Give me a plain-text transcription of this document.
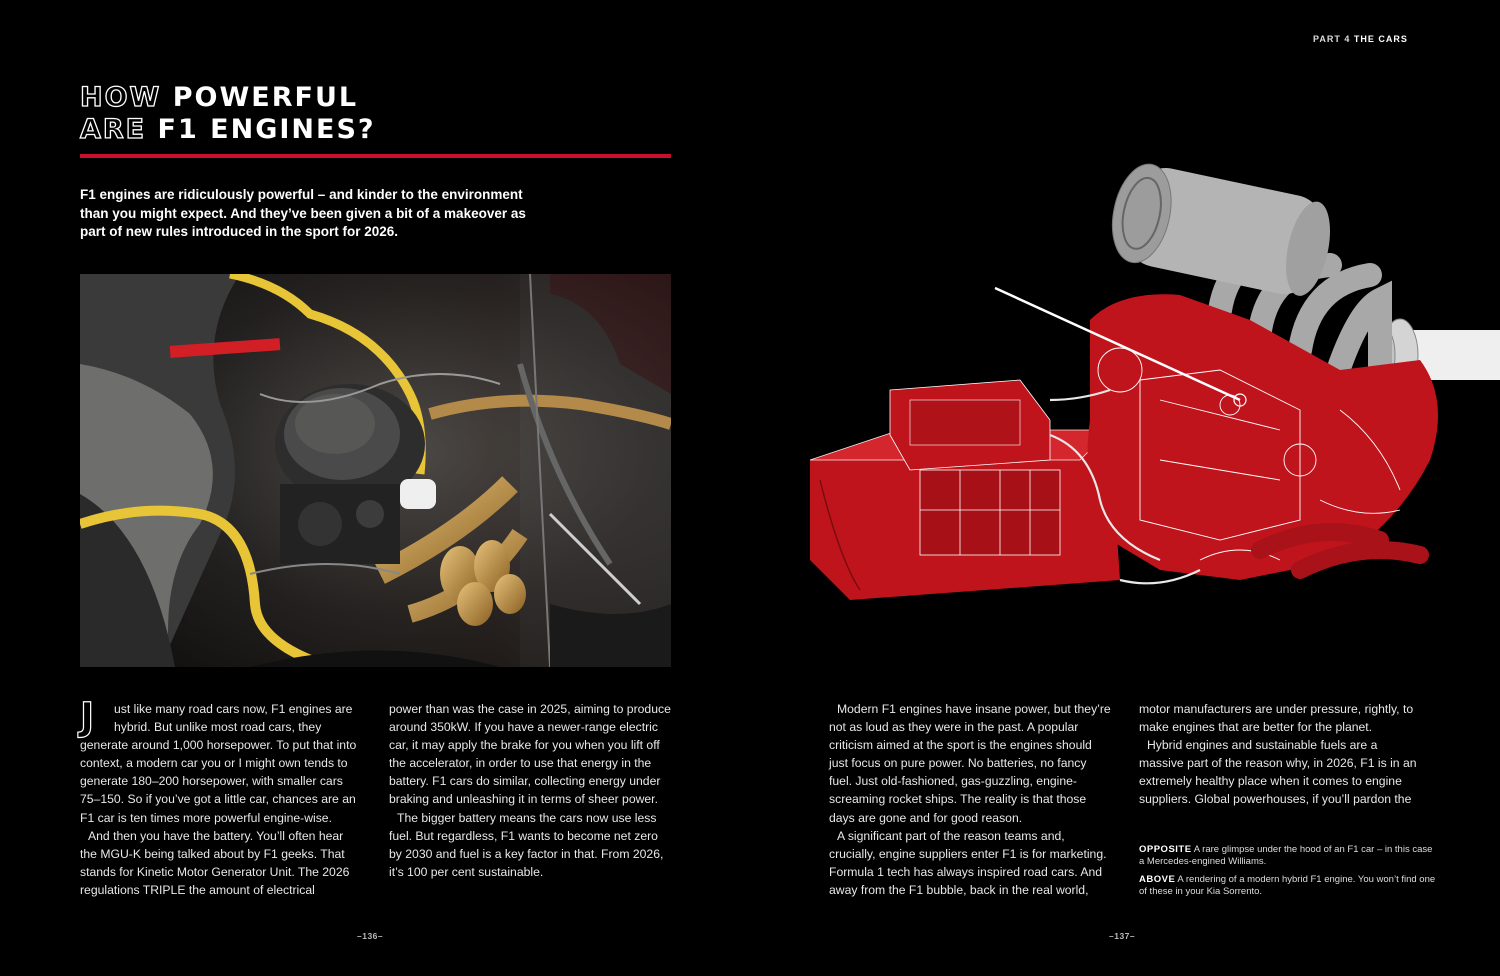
PART 4 THE CARS
HOW POWERFUL
ARE F1 ENGINES?
F1 engines are ridiculously powerful – and kinder to the environment than you might expect. And they’ve been given a bit of a makeover as part of new rules introduced in the sport for 2026.

J	ust like many road cars now, F1 engines are hybrid. But unlike most road cars, they generate around 1,000 horsepower. To put that into context, a modern car you or I might own tends to generate 180–200 horsepower, with smaller cars 75–150. So if you’ve got a little car, chances are an F1 car is ten times more powerful engine-wise.

And then you have the battery. You’ll often hear the MGU-K being talked about by F1 geeks. That stands for Kinetic Motor Generator Unit. The 2026 regulations TRIPLE the amount of electrical

power than was the case in 2025, aiming to produce around 350kW. If you have a newer-range electric car, it may apply the brake for you when you lift off the accelerator, in order to use that energy in the battery. F1 cars do similar, collecting energy under braking and unleashing it in terms of sheer power.

The bigger battery means the cars now use less fuel. But regardless, F1 wants to become net zero by 2030 and fuel is a key factor in that. From 2026, it’s 100 per cent sustainable.

Modern F1 engines have insane power, but they’re not as loud as they were in the past. A popular criticism aimed at the sport is the engines should just focus on pure power. No batteries, no fancy fuel. Just old-fashioned, gas-guzzling, engine-screaming rocket ships. The reality is that those days are gone and for good reason.

A significant part of the reason teams and, crucially, engine suppliers enter F1 is for marketing. Formula 1 tech has always inspired road cars. And away from the F1 bubble, back in the real world,

motor manufacturers are under pressure, rightly, to make engines that are better for the planet.

Hybrid engines and sustainable fuels are a massive part of the reason why, in 2026, F1 is in an extremely healthy place when it comes to engine suppliers. Global powerhouses, if you’ll pardon the

OPPOSITE A rare glimpse under the hood of an F1 car – in this case a Mercedes-engined Williams.
ABOVE A rendering of a modern hybrid F1 engine. You won’t find one of these in your Kia Sorrento.
–136–	–137–
